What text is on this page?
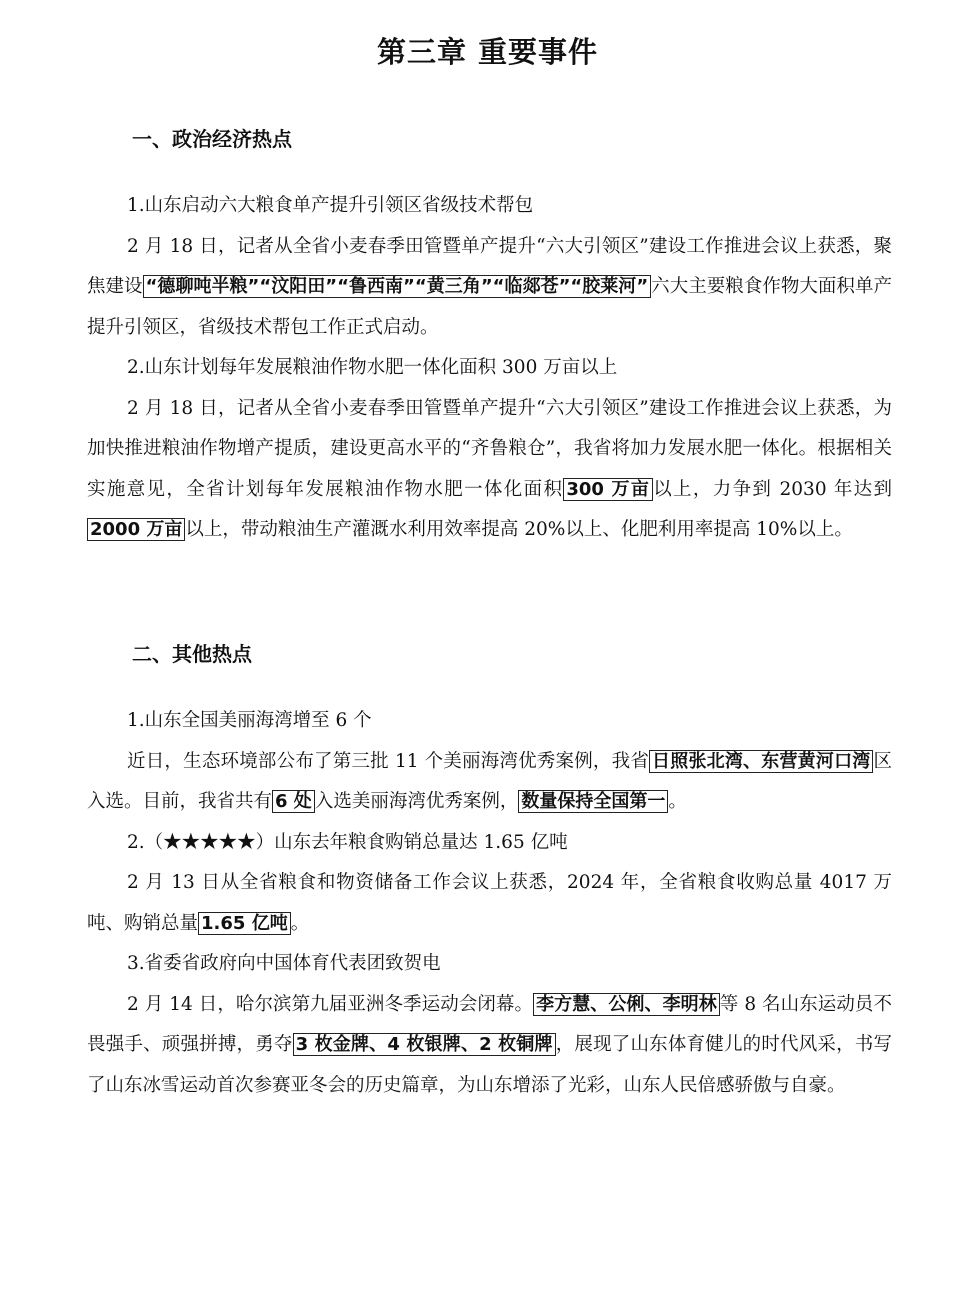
第三章 重要事件
一、政治经济热点

1.山东启动六大粮食单产提升引领区省级技术帮包

2 月 18 日，记者从全省小麦春季田管暨单产提升“六大引领区”建设工作推进会议上获悉，聚焦建设 “德聊吨半粮”“汶阳田”“鲁西南”“黄三角”“临郯苍”“胶莱河” 六大主要粮食作物大面积单产提升引领区，省级技术帮包工作正式启动。

2.山东计划每年发展粮油作物水肥一体化面积 300 万亩以上

2 月 18 日，记者从全省小麦春季田管暨单产提升“六大引领区”建设工作推进会议上获悉，为加快推进粮油作物增产提质，建设更高水平的“齐鲁粮仓”，我省将加力发展水肥一体化。根据相关实施意见，全省计划每年发展粮油作物水肥一体化面积 300 万亩 以上，力争到 2030 年达到2000 万亩 以上，带动粮油生产灌溉水利用效率提高 20%以上、化肥利用率提高 10%以上。

二、其他热点

1.山东全国美丽海湾增至 6 个

近日，生态环境部公布了第三批 11 个美丽海湾优秀案例，我省 日照张北湾、东营黄河口湾 区入选。目前，我省共有 6 处 入选美丽海湾优秀案例， 数量保持全国第一 。

2.（★★★★★）山东去年粮食购销总量达 1.65 亿吨

2 月 13 日从全省粮食和物资储备工作会议上获悉，2024 年，全省粮食收购总量 4017 万吨、购销总量 1.65 亿吨 。

3.省委省政府向中国体育代表团致贺电

2 月 14 日，哈尔滨第九届亚洲冬季运动会闭幕。 李方慧、公俐、李明林 等 8 名山东运动员不畏强手、顽强拼搏，勇夺 3 枚金牌、4 枚银牌、2 枚铜牌 ，展现了山东体育健儿的时代风采，书写了山东冰雪运动首次参赛亚冬会的历史篇章，为山东增添了光彩，山东人民倍感骄傲与自豪。
